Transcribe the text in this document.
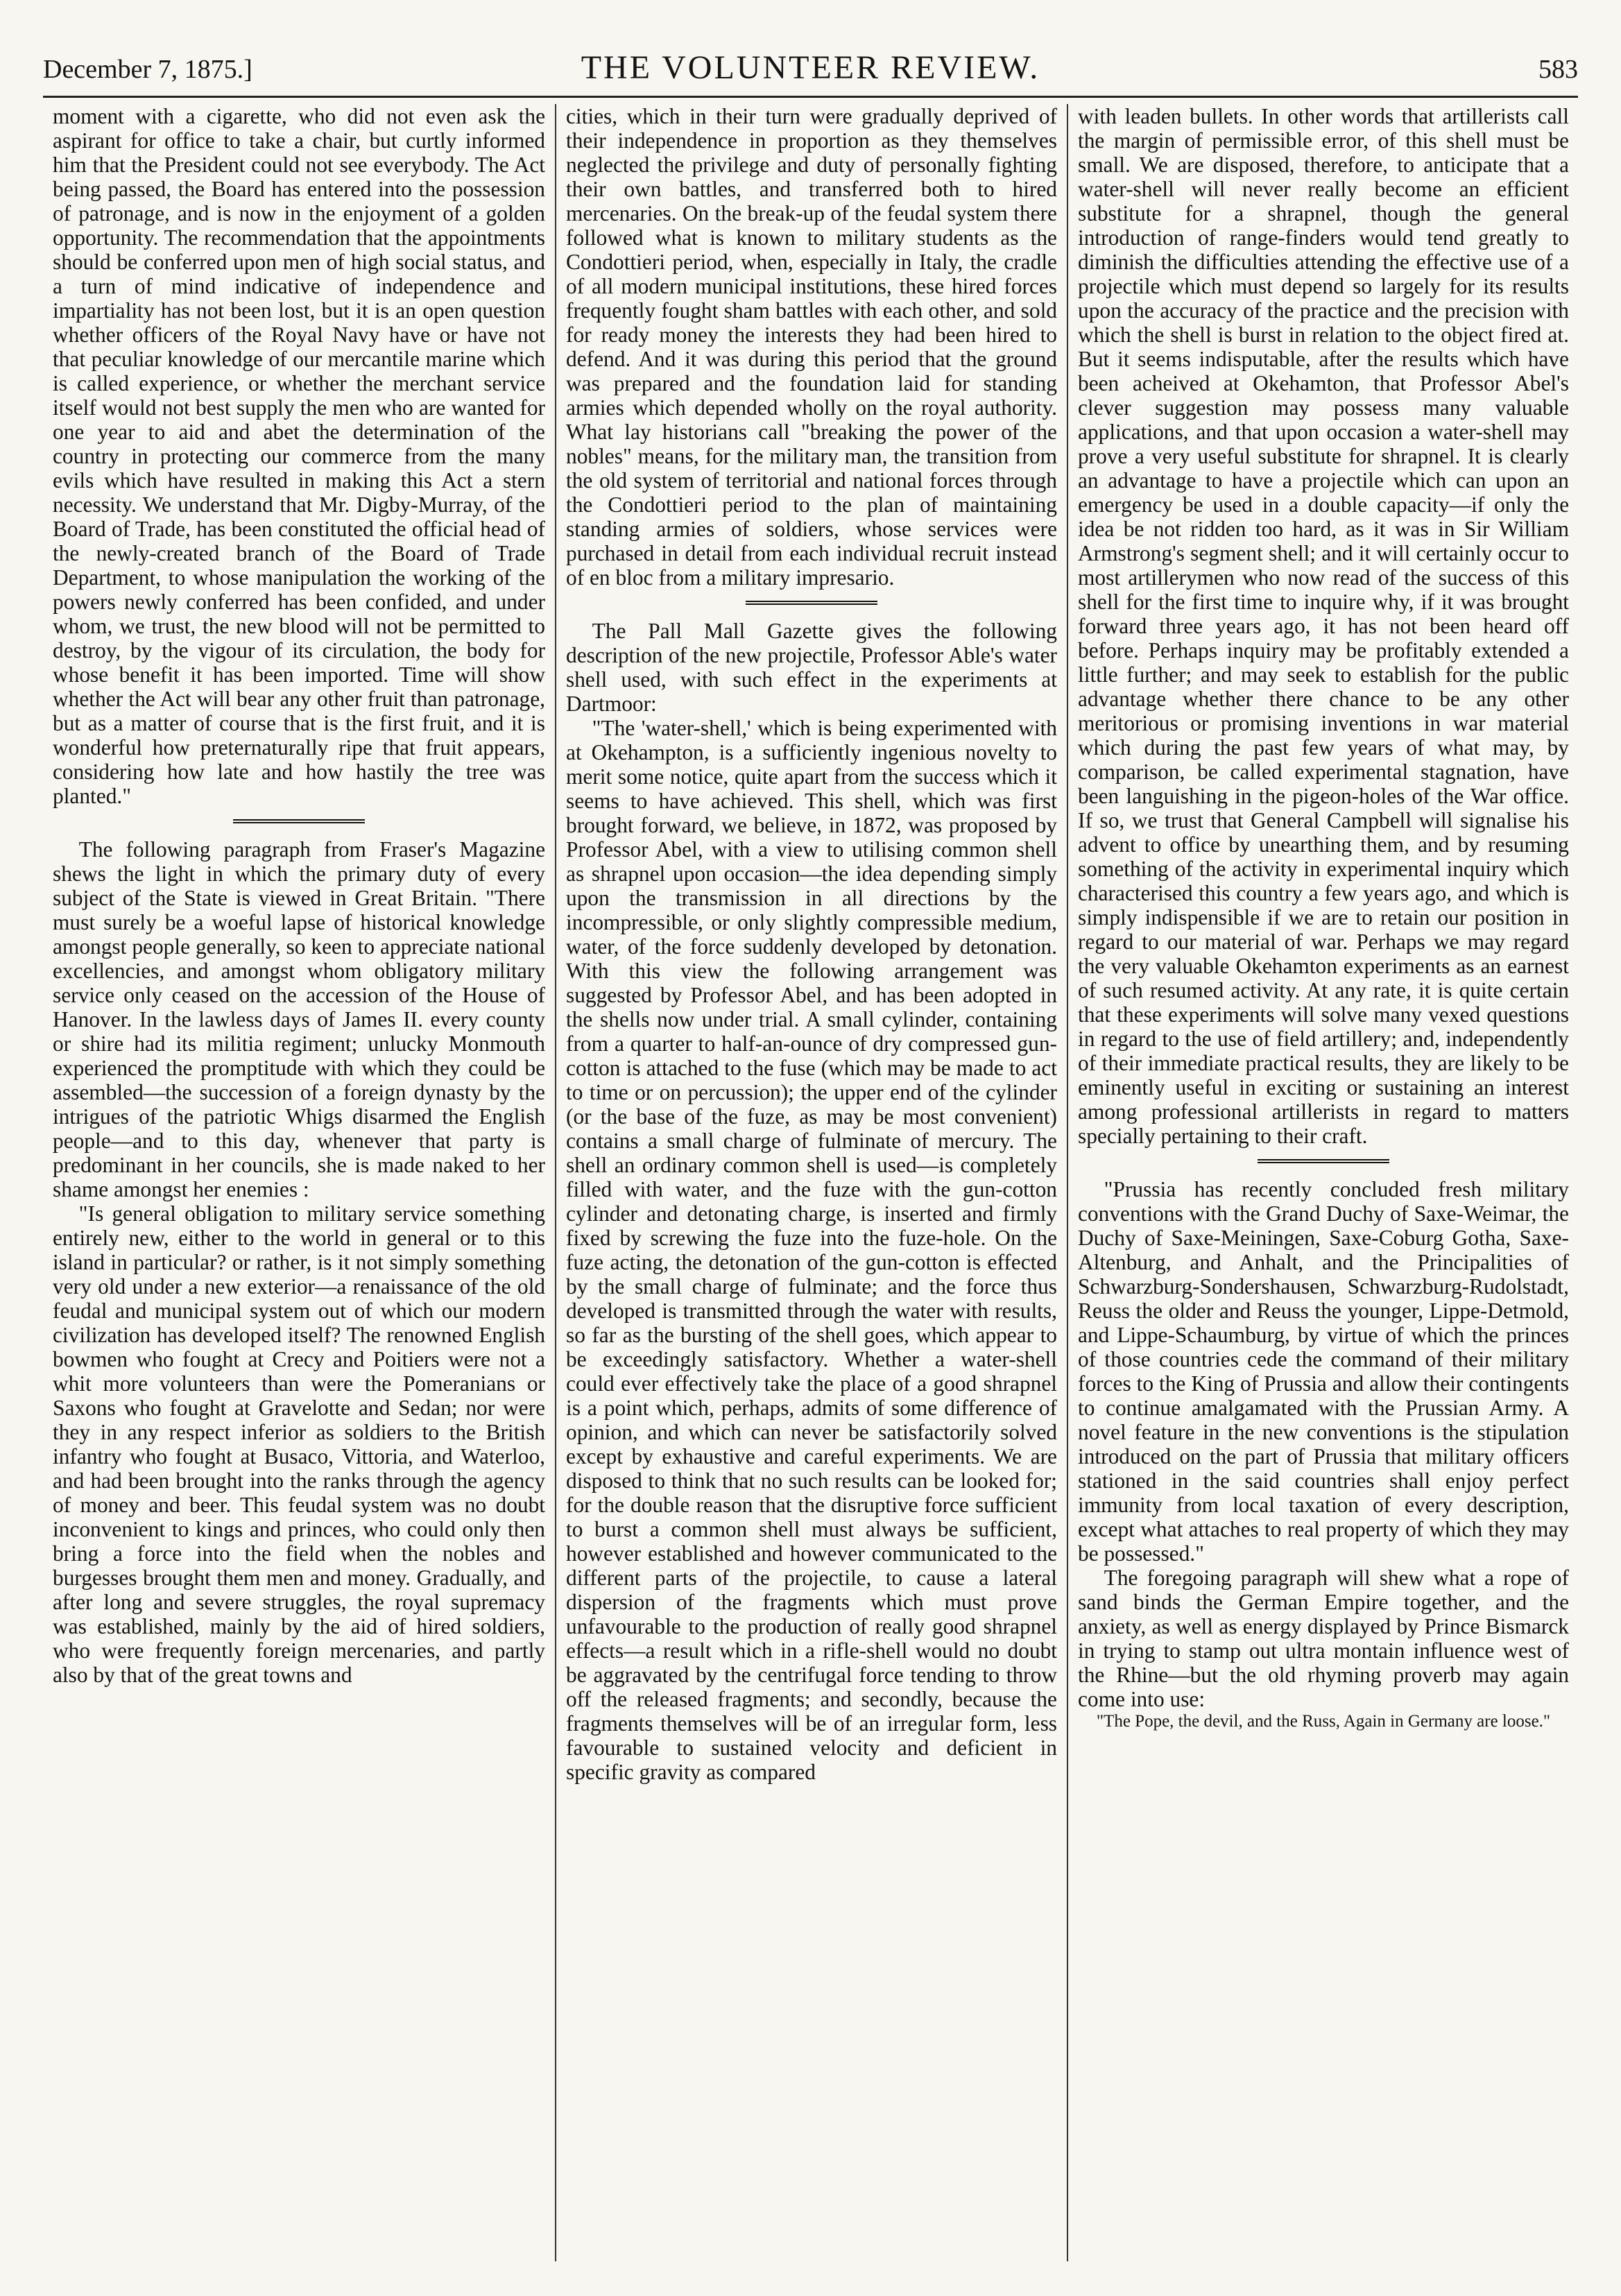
December 7, 1875.]	THE VOLUNTEER REVIEW.	583

moment with a cigarette, who did not even ask the aspirant for office to take a chair, but curtly informed him that the President could not see everybody. The Act being passed, the Board has entered into the possession of patronage, and is now in the enjoyment of a golden opportunity. The recommendation that the appointments should be conferred upon men of high social status, and a turn of mind indicative of independence and impartiality has not been lost, but it is an open question whether officers of the Royal Navy have or have not that peculiar knowledge of our mercantile marine which is called experience, or whether the merchant service itself would not best supply the men who are wanted for one year to aid and abet the determination of the country in protecting our commerce from the many evils which have resulted in making this Act a stern necessity. We understand that Mr. Digby-Murray, of the Board of Trade, has been constituted the official head of the newly-created branch of the Board of Trade Department, to whose manipulation the working of the powers newly conferred has been confided, and under whom, we trust, the new blood will not be permitted to destroy, by the vigour of its circulation, the body for whose benefit it has been imported. Time will show whether the Act will bear any other fruit than patronage, but as a matter of course that is the first fruit, and it is wonderful how preternaturally ripe that fruit appears, considering how late and how hastily the tree was planted."

The following paragraph from Fraser's Magazine shews the light in which the primary duty of every subject of the State is viewed in Great Britain. "There must surely be a woeful lapse of historical knowledge amongst people generally, so keen to appreciate national excellencies, and amongst whom obligatory military service only ceased on the accession of the House of Hanover. In the lawless days of James II. every county or shire had its militia regiment; unlucky Monmouth experienced the promptitude with which they could be assembled—the succession of a foreign dynasty by the intrigues of the patriotic Whigs disarmed the English people—and to this day, whenever that party is predominant in her councils, she is made naked to her shame amongst her enemies :

"Is general obligation to military service something entirely new, either to the world in general or to this island in particular? or rather, is it not simply something very old under a new exterior—a renaissance of the old feudal and municipal system out of which our modern civilization has developed itself? The renowned English bowmen who fought at Crecy and Poitiers were not a whit more volunteers than were the Pomeranians or Saxons who fought at Gravelotte and Sedan; nor were they in any respect inferior as soldiers to the British infantry who fought at Busaco, Vittoria, and Waterloo, and had been brought into the ranks through the agency of money and beer. This feudal system was no doubt inconvenient to kings and princes, who could only then bring a force into the field when the nobles and burgesses brought them men and money. Gradually, and after long and severe struggles, the royal supremacy was established, mainly by the aid of hired soldiers, who were frequently foreign mercenaries, and partly also by that of the great towns and

cities, which in their turn were gradually deprived of their independence in proportion as they themselves neglected the privilege and duty of personally fighting their own battles, and transferred both to hired mercenaries. On the break-up of the feudal system there followed what is known to military students as the Condottieri period, when, especially in Italy, the cradle of all modern municipal institutions, these hired forces frequently fought sham battles with each other, and sold for ready money the interests they had been hired to defend. And it was during this period that the ground was prepared and the foundation laid for standing armies which depended wholly on the royal authority. What lay historians call "breaking the power of the nobles" means, for the military man, the transition from the old system of territorial and national forces through the Condottieri period to the plan of maintaining standing armies of soldiers, whose services were purchased in detail from each individual recruit instead of en bloc from a military impresario.

The Pall Mall Gazette gives the following description of the new projectile, Professor Able's water shell used, with such effect in the experiments at Dartmoor:

"The 'water-shell,' which is being experimented with at Okehampton, is a sufficiently ingenious novelty to merit some notice, quite apart from the success which it seems to have achieved. This shell, which was first brought forward, we believe, in 1872, was proposed by Professor Abel, with a view to utilising common shell as shrapnel upon occasion—the idea depending simply upon the transmission in all directions by the incompressible, or only slightly compressible medium, water, of the force suddenly developed by detonation. With this view the following arrangement was suggested by Professor Abel, and has been adopted in the shells now under trial. A small cylinder, containing from a quarter to half-an-ounce of dry compressed gun-cotton is attached to the fuse (which may be made to act to time or on percussion); the upper end of the cylinder (or the base of the fuze, as may be most convenient) contains a small charge of fulminate of mercury. The shell an ordinary common shell is used—is completely filled with water, and the fuze with the gun-cotton cylinder and detonating charge, is inserted and firmly fixed by screwing the fuze into the fuze-hole. On the fuze acting, the detonation of the gun-cotton is effected by the small charge of fulminate; and the force thus developed is transmitted through the water with results, so far as the bursting of the shell goes, which appear to be exceedingly satisfactory. Whether a water-shell could ever effectively take the place of a good shrapnel is a point which, perhaps, admits of some difference of opinion, and which can never be satisfactorily solved except by exhaustive and careful experiments. We are disposed to think that no such results can be looked for; for the double reason that the disruptive force sufficient to burst a common shell must always be sufficient, however established and however communicated to the different parts of the projectile, to cause a lateral dispersion of the fragments which must prove unfavourable to the production of really good shrapnel effects—a result which in a rifle-shell would no doubt be aggravated by the centrifugal force tending to throw off the released fragments; and secondly, because the fragments themselves will be of an irregular form, less favourable to sustained velocity and deficient in specific gravity as compared

with leaden bullets. In other words that artillerists call the margin of permissible error, of this shell must be small. We are disposed, therefore, to anticipate that a water-shell will never really become an efficient substitute for a shrapnel, though the general introduction of range-finders would tend greatly to diminish the difficulties attending the effective use of a projectile which must depend so largely for its results upon the accuracy of the practice and the precision with which the shell is burst in relation to the object fired at. But it seems indisputable, after the results which have been acheived at Okehamton, that Professor Abel's clever suggestion may possess many valuable applications, and that upon occasion a water-shell may prove a very useful substitute for shrapnel. It is clearly an advantage to have a projectile which can upon an emergency be used in a double capacity—if only the idea be not ridden too hard, as it was in Sir William Armstrong's segment shell; and it will certainly occur to most artillerymen who now read of the success of this shell for the first time to inquire why, if it was brought forward three years ago, it has not been heard off before. Perhaps inquiry may be profitably extended a little further; and may seek to establish for the public advantage whether there chance to be any other meritorious or promising inventions in war material which during the past few years of what may, by comparison, be called experimental stagnation, have been languishing in the pigeon-holes of the War office. If so, we trust that General Campbell will signalise his advent to office by unearthing them, and by resuming something of the activity in experimental inquiry which characterised this country a few years ago, and which is simply indispensible if we are to retain our position in regard to our material of war. Perhaps we may regard the very valuable Okehamton experiments as an earnest of such resumed activity. At any rate, it is quite certain that these experiments will solve many vexed questions in regard to the use of field artillery; and, independently of their immediate practical results, they are likely to be eminently useful in exciting or sustaining an interest among professional artillerists in regard to matters specially pertaining to their craft.

"Prussia has recently concluded fresh military conventions with the Grand Duchy of Saxe-Weimar, the Duchy of Saxe-Meiningen, Saxe-Coburg Gotha, Saxe-Altenburg, and Anhalt, and the Principalities of Schwarzburg-Sondershausen, Schwarzburg-Rudolstadt, Reuss the older and Reuss the younger, Lippe-Detmold, and Lippe-Schaumburg, by virtue of which the princes of those countries cede the command of their military forces to the King of Prussia and allow their contingents to continue amalgamated with the Prussian Army. A novel feature in the new conventions is the stipulation introduced on the part of Prussia that military officers stationed in the said countries shall enjoy perfect immunity from local taxation of every description, except what attaches to real property of which they may be possessed."

The foregoing paragraph will shew what a rope of sand binds the German Empire together, and the anxiety, as well as energy displayed by Prince Bismarck in trying to stamp out ultra montain influence west of the Rhine—but the old rhyming proverb may again come into use:

"The Pope, the devil, and the Russ, Again in Germany are loose."
